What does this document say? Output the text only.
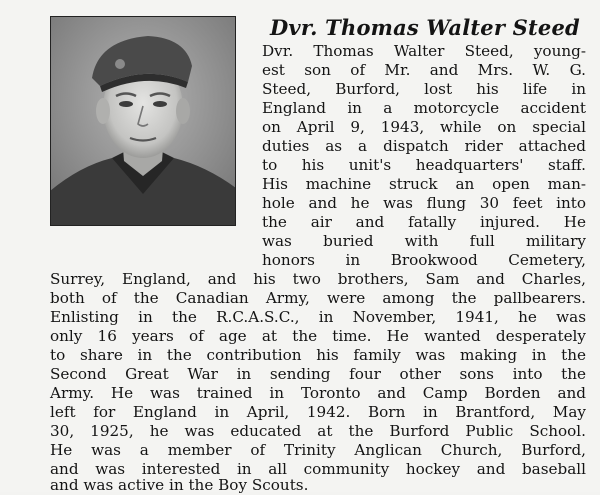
Dvr. Thomas Walter Steed

Dvr. Thomas Walter Steed, young-

est son of Mr. and Mrs. W. G.

Steed, Burford, lost his life in

England in a motorcycle accident

on April 9, 1943, while on special

duties as a dispatch rider attached

to his unit's headquarters' staff.

His machine struck an open man-

hole and he was flung 30 feet into

the air and fatally injured. He

was buried with full military

honors in Brookwood Cemetery,

Surrey, England, and his two brothers, Sam and Charles,

both of the Canadian Army, were among the pallbearers.

Enlisting in the R.C.A.S.C., in November, 1941, he was

only 16 years of age at the time. He wanted desperately

to share in the contribution his family was making in the

Second Great War in sending four other sons into the

Army. He was trained in Toronto and Camp Borden and

left for England in April, 1942. Born in Brantford, May

30, 1925, he was educated at the Burford Public School.

He was a member of Trinity Anglican Church, Burford,

and was interested in all community hockey and baseball

and was active in the Boy Scouts.
